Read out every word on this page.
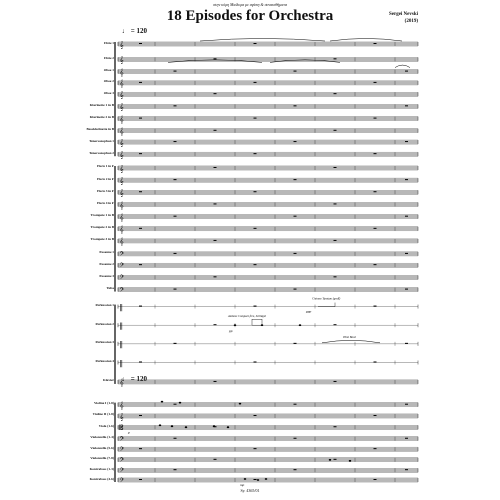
στην κόρη Μαίλυρα με αγάπη & συναισθήματα
18 Episodes for Orchestra	Sergei Nevski
(2019)
♩ = 120
♩ = 120
Flöte 1
Flöte 2
Oboe 1
Oboe 2
Oboe 3
Klarinette 1 in B
Klarinette 2 in B
Bassklarinette in B
Tenorsaxophon 1
Tenorsaxophon 2
Horn 1 in F
Horn 2 in F
Horn 3 in F
Horn 4 in F
Trompete 1 in B
Trompete 2 in B
Trompete 3 in B
Posaune 1
Posaune 2
Posaune 3
Tuba
Perkussion 1
Perkussion 2
Perkussion 3
Perkussion 4
Klavier
Violine I (1-8)
Violine II (1-8)
Viola (1-6)
Violoncello (1-4)
Violoncello (5-6)
Violoncello (7-8)
Kontrabass (1-3)
Kontrabass (4-6)
𝄞
𝄞
𝄞
𝄞
𝄞
𝄞
𝄞
𝄞
𝄞
𝄞
𝄞
𝄞
𝄞
𝄞
𝄞
𝄞
𝄞
𝄢
𝄢
𝄢
𝄢
‖
‖
‖
‖
𝄞
𝄞
𝄞
𝄡
𝄢
𝄢
𝄢
𝄢
𝄢
Amboss Compact free, Schlägel
Chinese Tamtam (groß)
Tibet Bowl
pp
ppp
p
mp
Sy. 4365/01
